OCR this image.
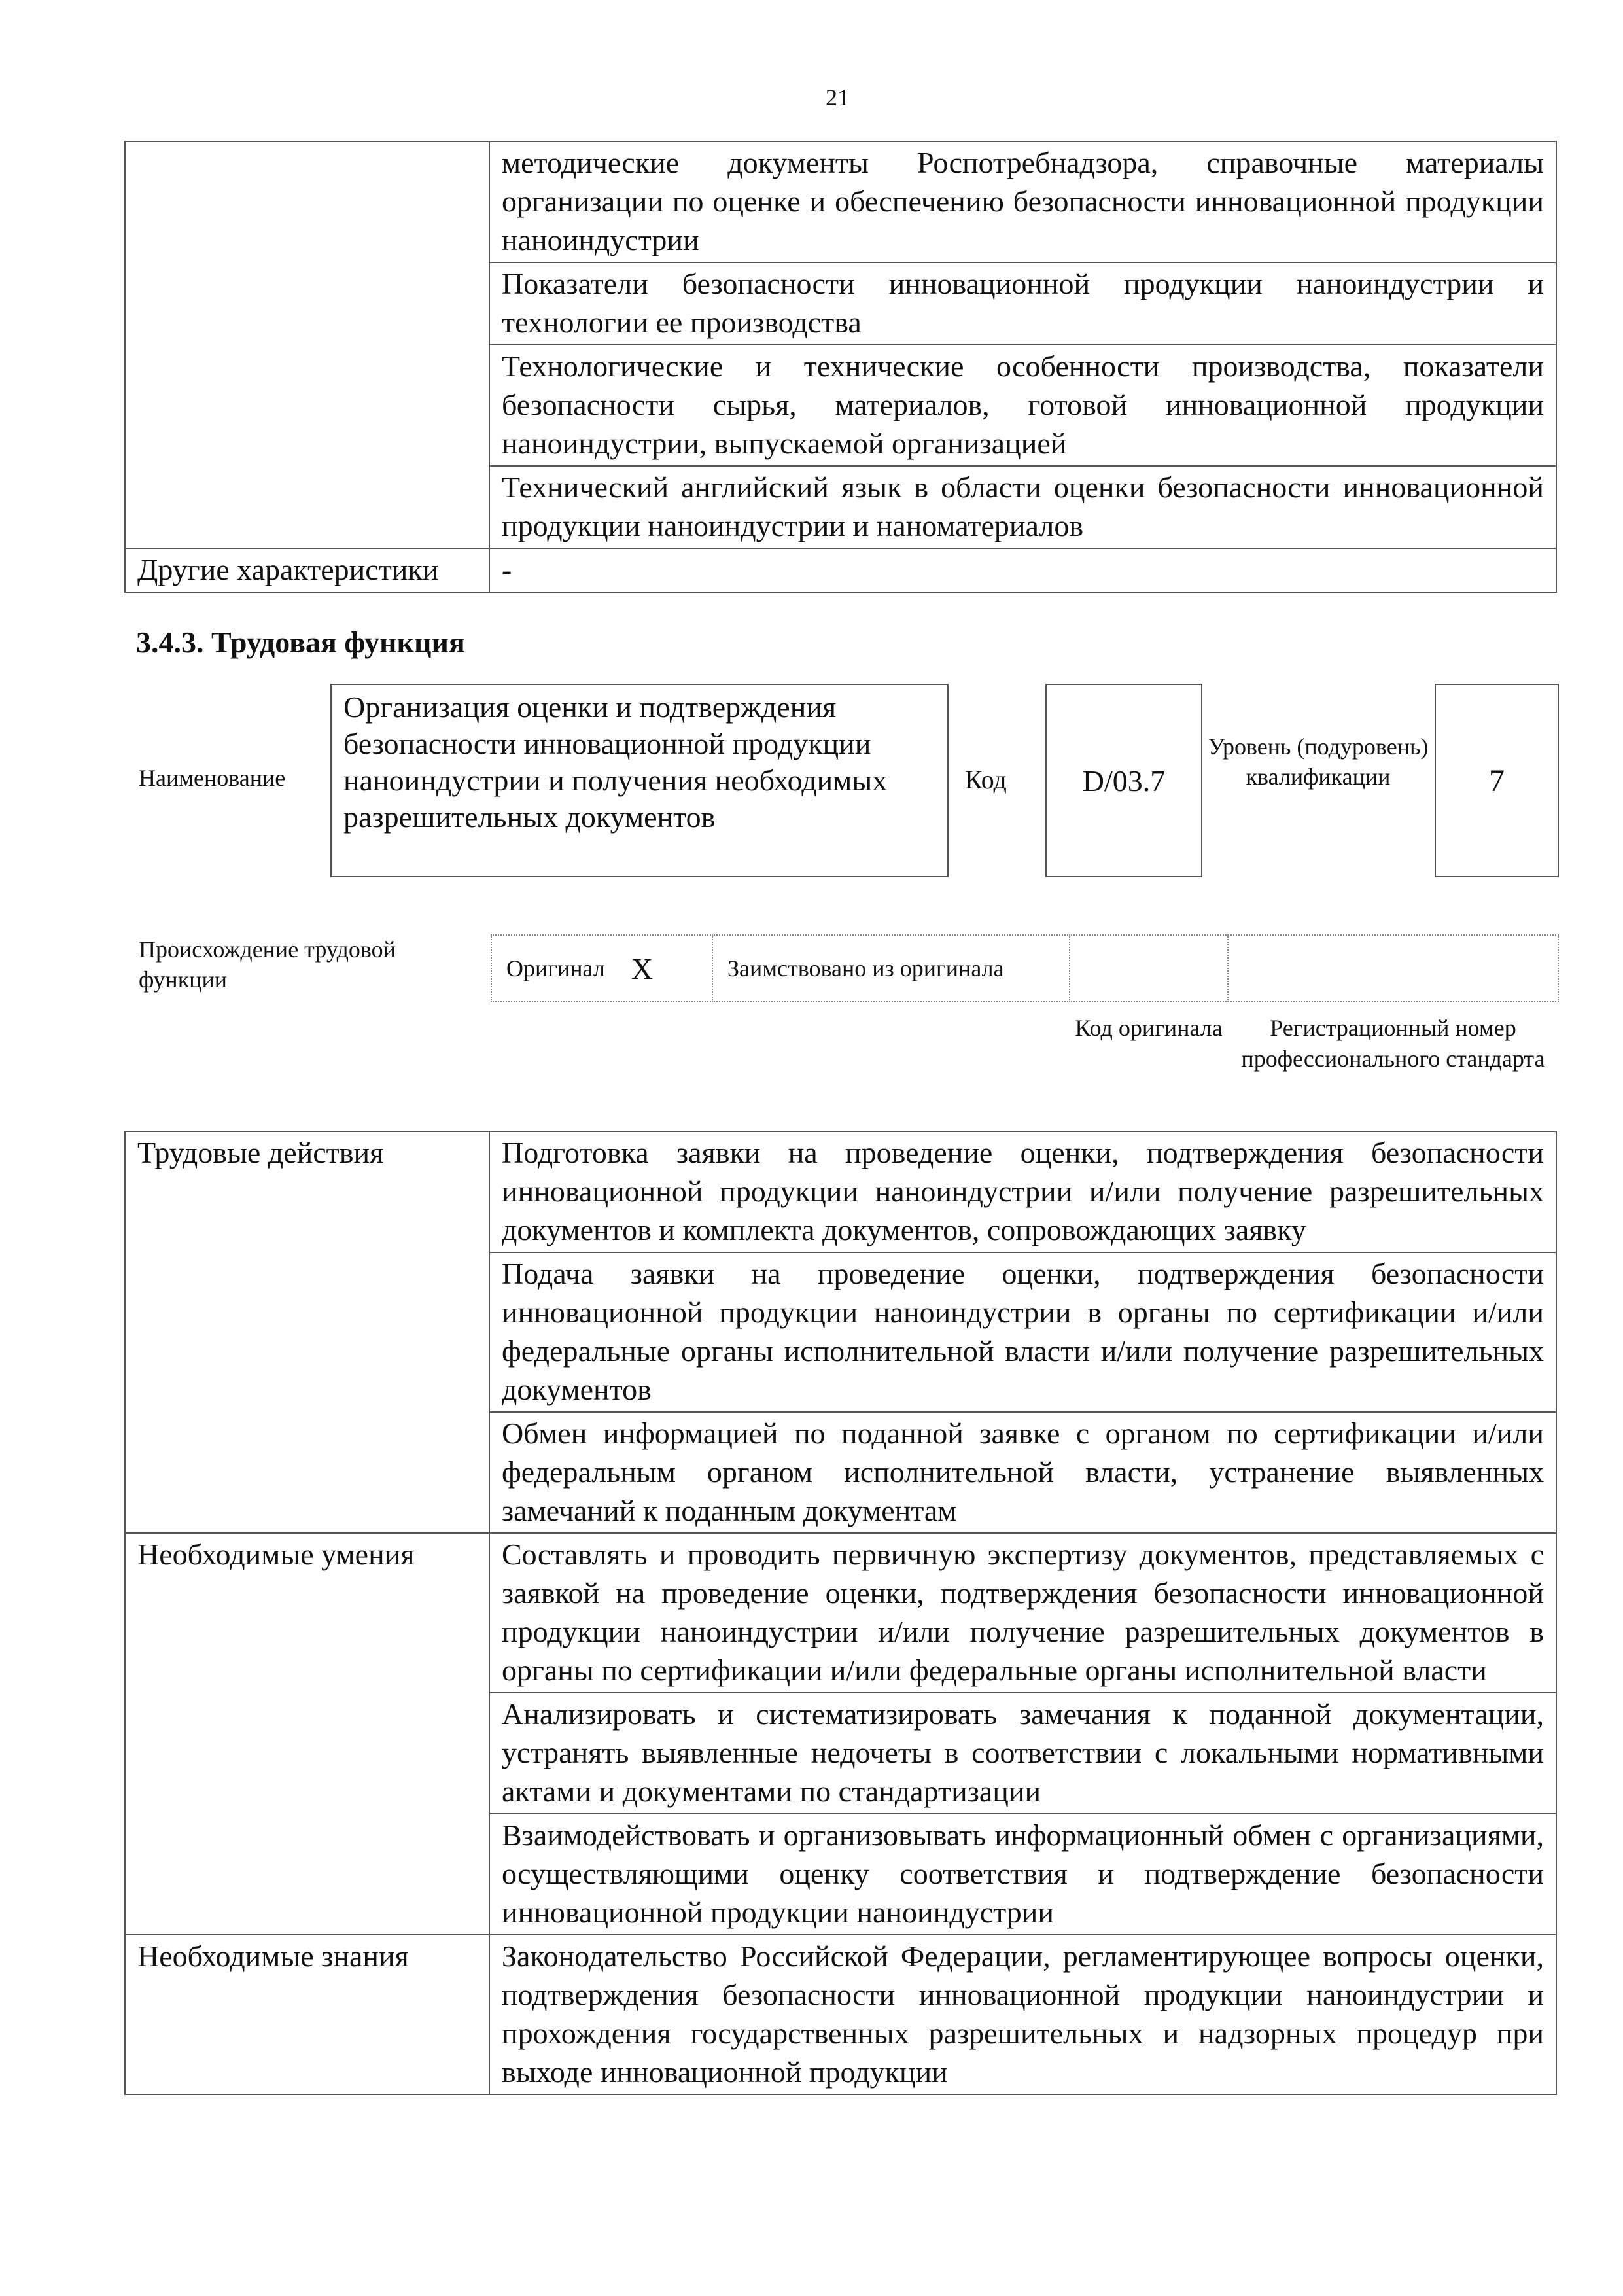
21
	методические документы Роспотребнадзора, справочные материалы организации по оценке и обеспечению безопасности инновационной продукции наноиндустрии
	Показатели безопасности инновационной продукции наноиндустрии и технологии ее производства
	Технологические и технические особенности производства, показатели безопасности сырья, материалов, готовой инновационной продукции наноиндустрии, выпускаемой организацией
	Технический английский язык в области оценки безопасности инновационной продукции наноиндустрии и наноматериалов
Другие характеристики	-
3.4.3. Трудовая функция
Наименование
Организация оценки и подтверждения безопасности инновационной продукции наноиндустрии и получения необходимых разрешительных документов
Код	D/03.7
Уровень (подуровень) квалификации	7
Происхождение трудовой функции	Оригинал X	Заимствовано из оригинала
Код оригинала	Регистрационный номер профессионального стандарта
Трудовые действия	Подготовка заявки на проведение оценки, подтверждения безопасности инновационной продукции наноиндустрии и/или получение разрешительных документов и комплекта документов, сопровождающих заявку
	Подача заявки на проведение оценки, подтверждения безопасности инновационной продукции наноиндустрии в органы по сертификации и/или федеральные органы исполнительной власти и/или получение разрешительных документов
	Обмен информацией по поданной заявке с органом по сертификации и/или федеральным органом исполнительной власти, устранение выявленных замечаний к поданным документам
Необходимые умения	Составлять и проводить первичную экспертизу документов, представляемых с заявкой на проведение оценки, подтверждения безопасности инновационной продукции наноиндустрии и/или получение разрешительных документов в органы по сертификации и/или федеральные органы исполнительной власти
	Анализировать и систематизировать замечания к поданной документации, устранять выявленные недочеты в соответствии с локальными нормативными актами и документами по стандартизации
	Взаимодействовать и организовывать информационный обмен с организациями, осуществляющими оценку соответствия и подтверждение безопасности инновационной продукции наноиндустрии
Необходимые знания	Законодательство Российской Федерации, регламентирующее вопросы оценки, подтверждения безопасности инновационной продукции наноиндустрии и прохождения государственных разрешительных и надзорных процедур при выходе инновационной продукции
